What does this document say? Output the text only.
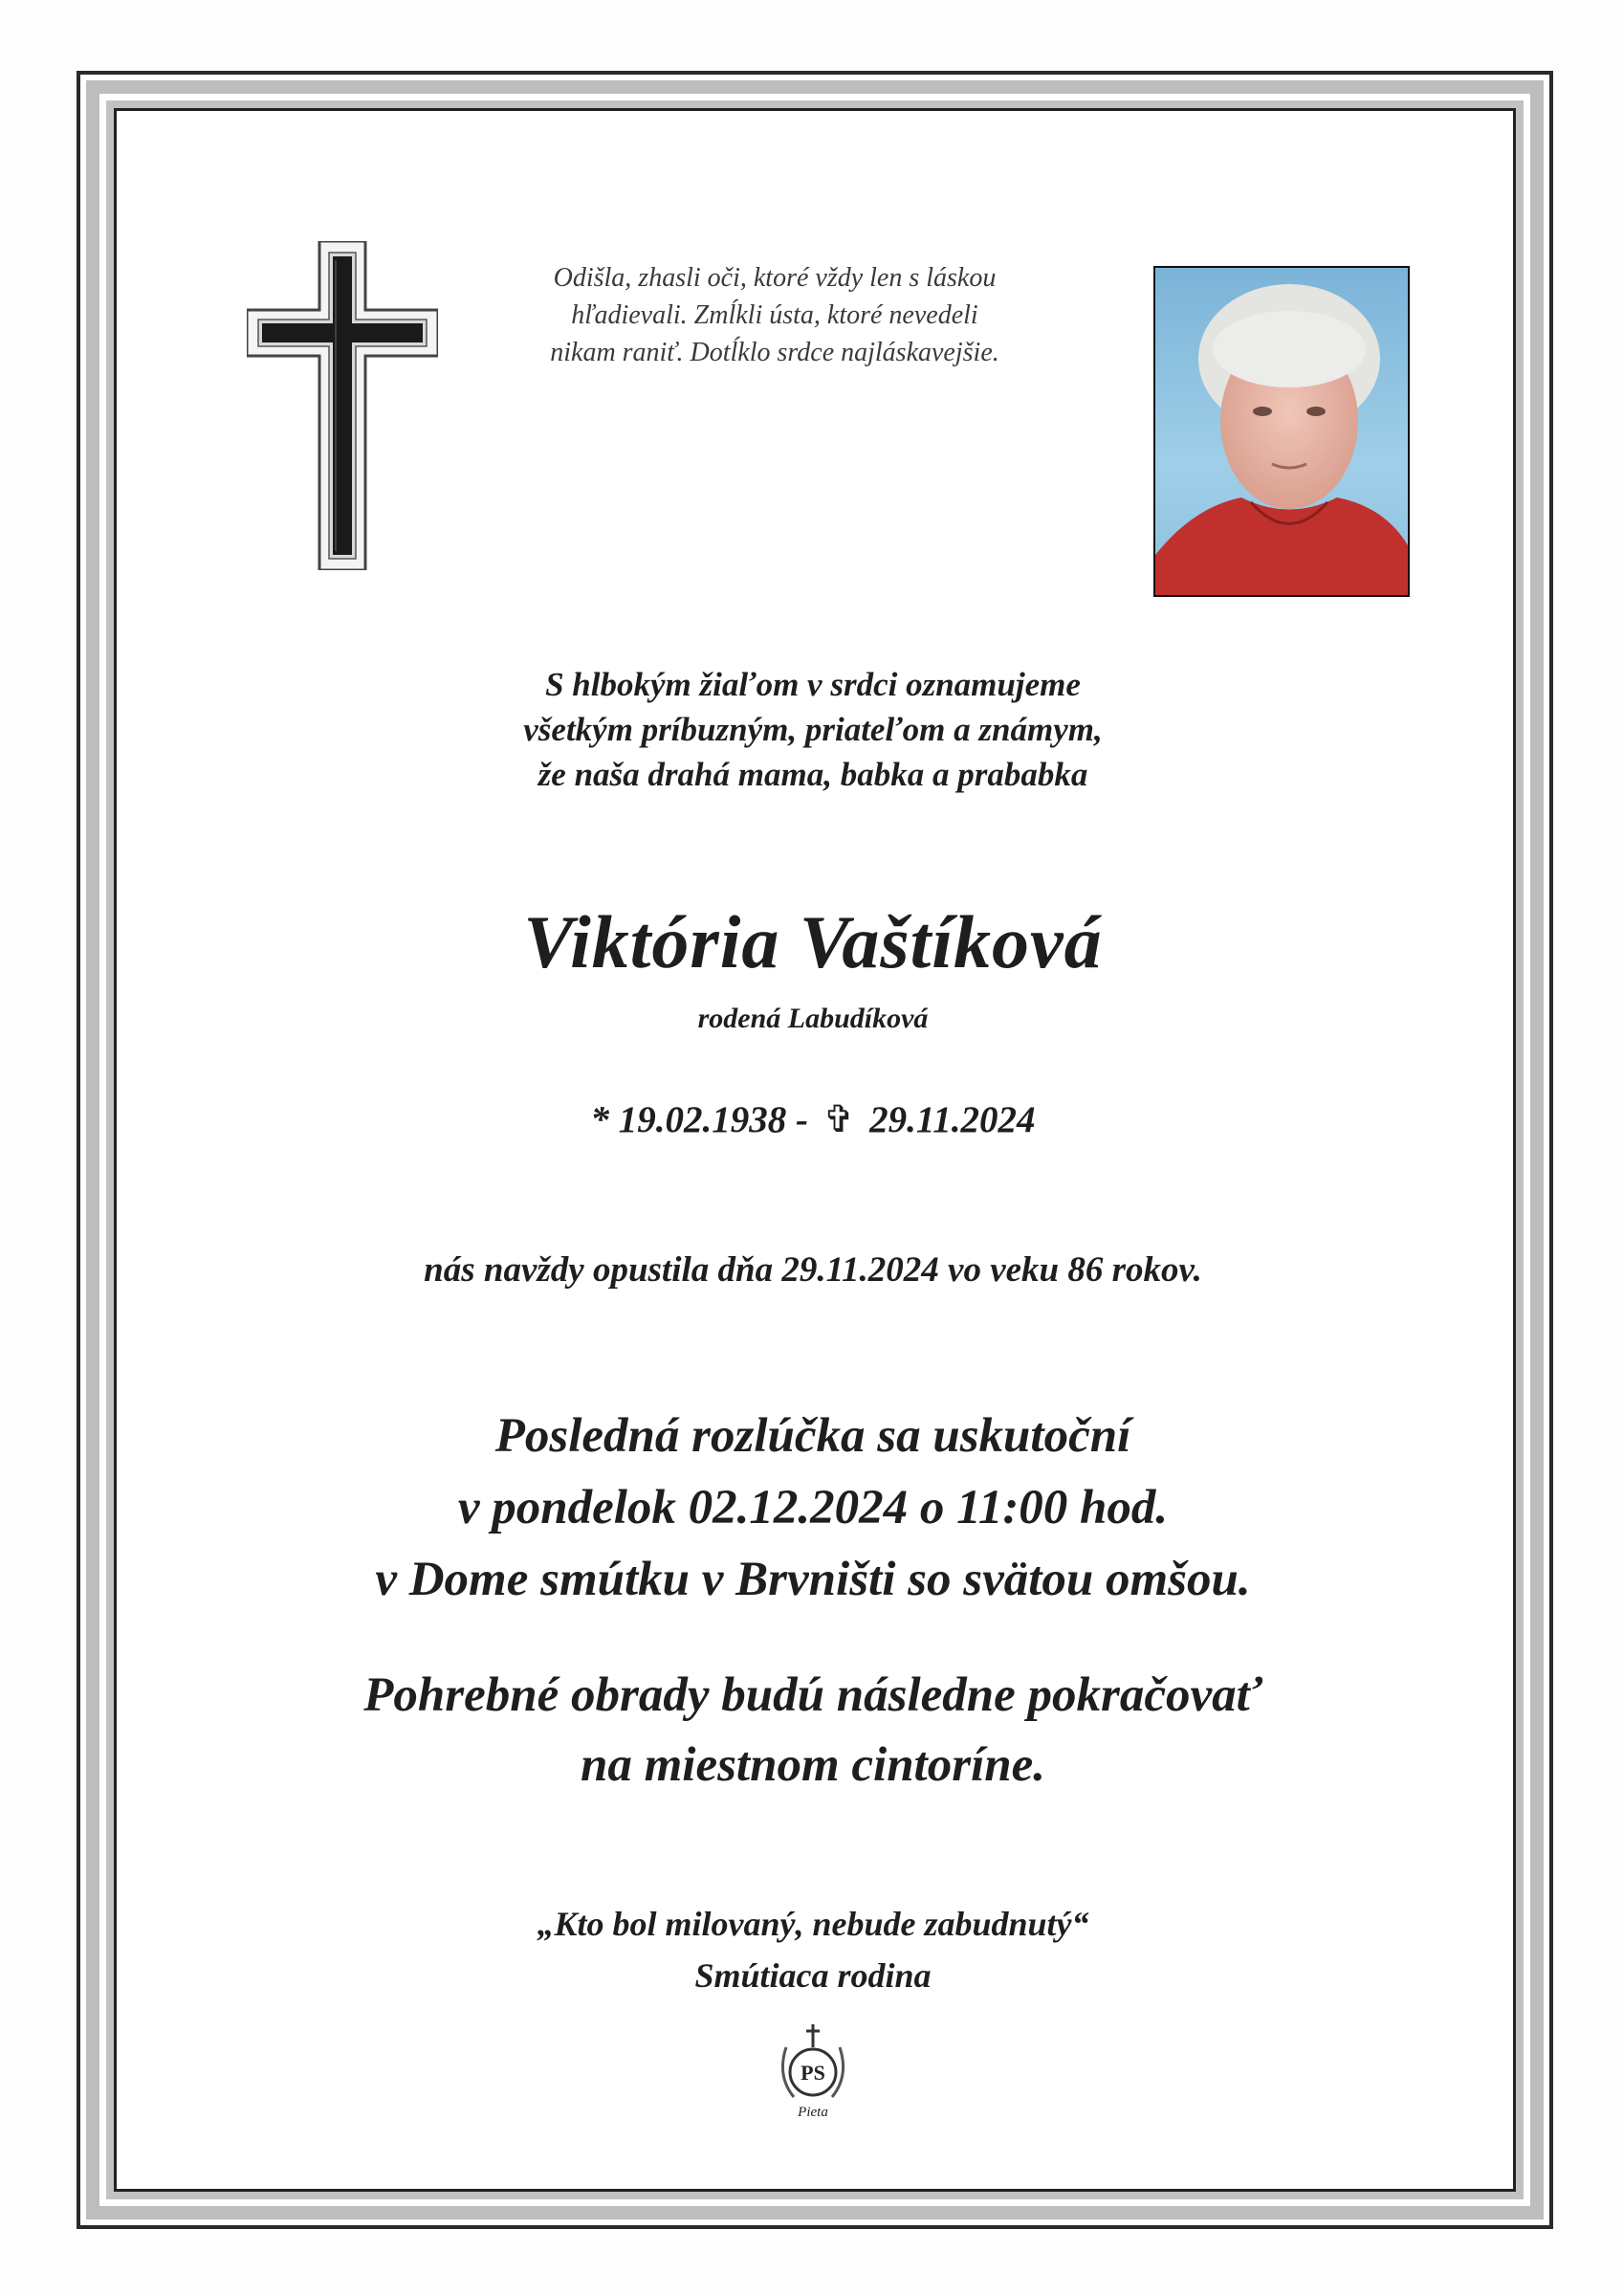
Odišla, zhasli oči, ktoré vždy len s láskou
hľadievali. Zmĺkli ústa, ktoré nevedeli
nikam raniť. Dotĺklo srdce najláskavejšie.
S hlbokým žiaľom v srdci oznamujeme
všetkým príbuzným, priateľom a známym,
že naša drahá mama, babka a prababka
Viktória Vaštíková
rodená Labudíková
* 19.02.1938 - ✞ 29.11.2024
nás navždy opustila dňa 29.11.2024 vo veku 86 rokov.
Posledná rozlúčka sa uskutoční
v pondelok 02.12.2024 o 11:00 hod.
v Dome smútku v Brvništi so svätou omšou.
Pohrebné obrady budú následne pokračovať
na miestnom cintoríne.
„Kto bol milovaný, nebude zabudnutý“
Smútiaca rodina
PS
Pieta
